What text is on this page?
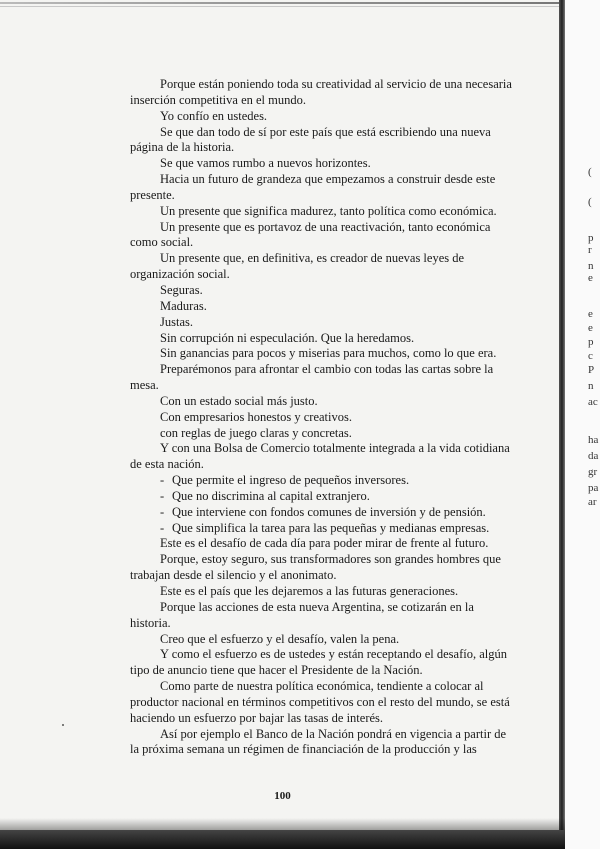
Porque están poniendo toda su creatividad al servicio de una necesaria
inserción competitiva en el mundo.
Yo confío en ustedes.
Se que dan todo de sí por este país que está escribiendo una nueva
página de la historia.
Se que vamos rumbo a nuevos horizontes.
Hacia un futuro de grandeza que empezamos a construir desde este
presente.
Un presente que significa madurez, tanto política como económica.
Un presente que es portavoz de una reactivación, tanto económica
como social.
Un presente que, en definitiva, es creador de nuevas leyes de
organización social.
Seguras.
Maduras.
Justas.
Sin corrupción ni especulación. Que la heredamos.
Sin ganancias para pocos y miserias para muchos, como lo que era.
Preparémonos para afrontar el cambio con todas las cartas sobre la
mesa.
Con un estado social más justo.
Con empresarios honestos y creativos.
con reglas de juego claras y concretas.
Y con una Bolsa de Comercio totalmente integrada a la vida cotidiana
de esta nación.
- Que permite el ingreso de pequeños inversores.
- Que no discrimina al capital extranjero.
- Que interviene con fondos comunes de inversión y de pensión.
- Que simplifica la tarea para las pequeñas y medianas empresas.
Este es el desafío de cada día para poder mirar de frente al futuro.
Porque, estoy seguro, sus transformadores son grandes hombres que
trabajan desde el silencio y el anonimato.
Este es el país que les dejaremos a las futuras generaciones.
Porque las acciones de esta nueva Argentina, se cotizarán en la
historia.
Creo que el esfuerzo y el desafío, valen la pena.
Y como el esfuerzo es de ustedes y están receptando el desafío, algún
tipo de anuncio tiene que hacer el Presidente de la Nación.
Como parte de nuestra política económica, tendiente a colocar al
productor nacional en términos competitivos con el resto del mundo, se está
haciendo un esfuerzo por bajar las tasas de interés.
Así por ejemplo el Banco de la Nación pondrá en vigencia a partir de
la próxima semana un régimen de financiación de la producción y las
100
(
(
p
r
n
e
e
e
p
c
P
n
ac
ha
da
gr
pa
ar
